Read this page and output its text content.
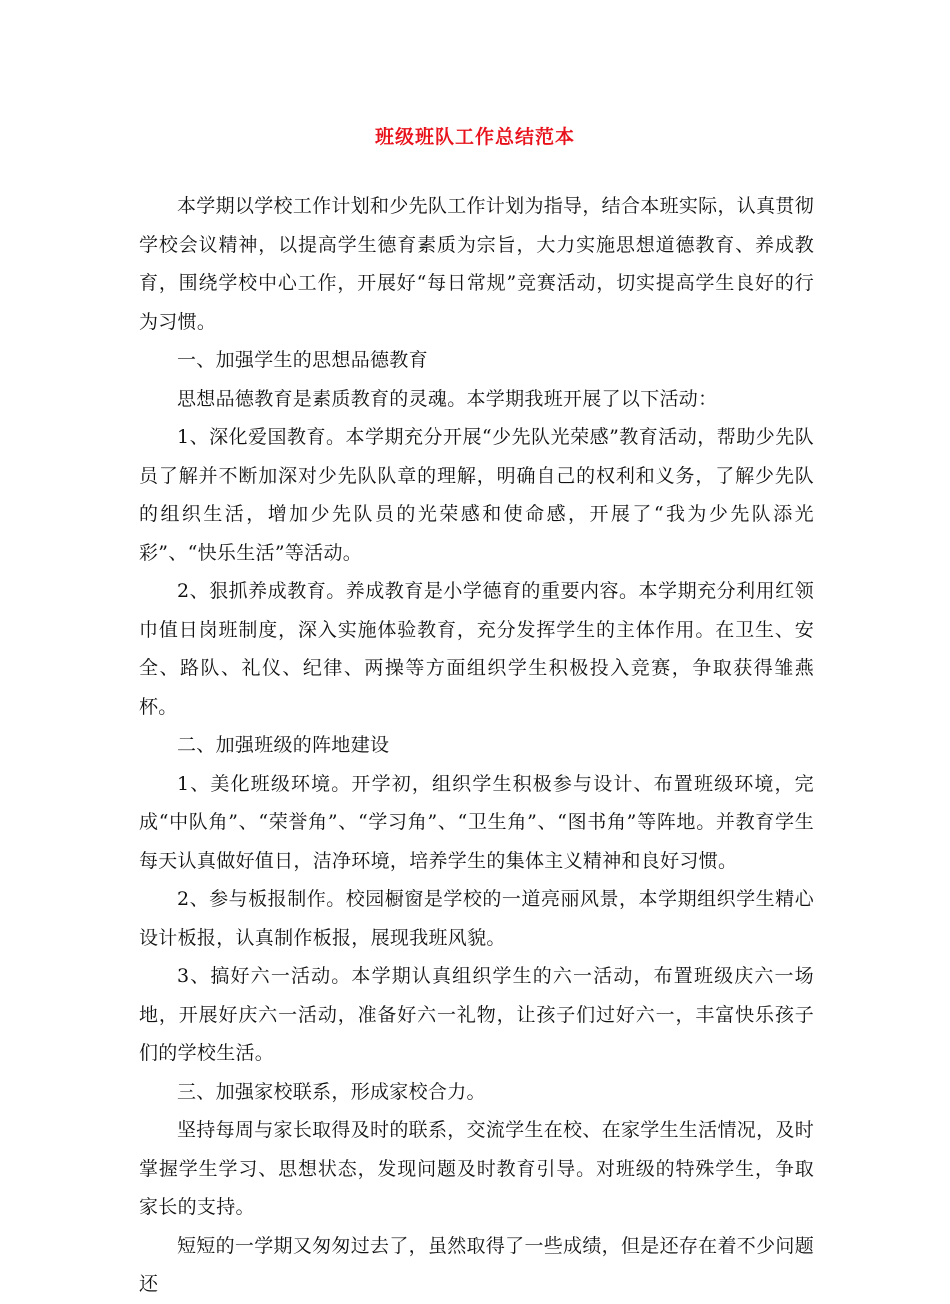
班级班队工作总结范本

本学期以学校工作计划和少先队工作计划为指导，结合本班实际，认真贯彻学校会议精神，以提高学生德育素质为宗旨，大力实施思想道德教育、养成教育，围绕学校中心工作，开展好“每日常规”竞赛活动，切实提高学生良好的行为习惯。

一、加强学生的思想品德教育

思想品德教育是素质教育的灵魂。本学期我班开展了以下活动：

1、深化爱国教育。本学期充分开展“少先队光荣感”教育活动，帮助少先队员了解并不断加深对少先队队章的理解，明确自己的权利和义务，了解少先队的组织生活，增加少先队员的光荣感和使命感，开展了“我为少先队添光彩”、“快乐生活”等活动。

2、狠抓养成教育。养成教育是小学德育的重要内容。本学期充分利用红领巾值日岗班制度，深入实施体验教育，充分发挥学生的主体作用。在卫生、安全、路队、礼仪、纪律、两操等方面组织学生积极投入竞赛，争取获得雏燕杯。

二、加强班级的阵地建设

1、美化班级环境。开学初，组织学生积极参与设计、布置班级环境，完成“中队角”、“荣誉角”、“学习角”、“卫生角”、“图书角”等阵地。并教育学生每天认真做好值日，洁净环境，培养学生的集体主义精神和良好习惯。

2、参与板报制作。校园橱窗是学校的一道亮丽风景，本学期组织学生精心设计板报，认真制作板报，展现我班风貌。

3、搞好六一活动。本学期认真组织学生的六一活动，布置班级庆六一场地，开展好庆六一活动，准备好六一礼物，让孩子们过好六一，丰富快乐孩子们的学校生活。

三、加强家校联系，形成家校合力。

坚持每周与家长取得及时的联系，交流学生在校、在家学生生活情况，及时掌握学生学习、思想状态，发现问题及时教育引导。对班级的特殊学生，争取家长的支持。

短短的一学期又匆匆过去了，虽然取得了一些成绩，但是还存在着不少问题还
